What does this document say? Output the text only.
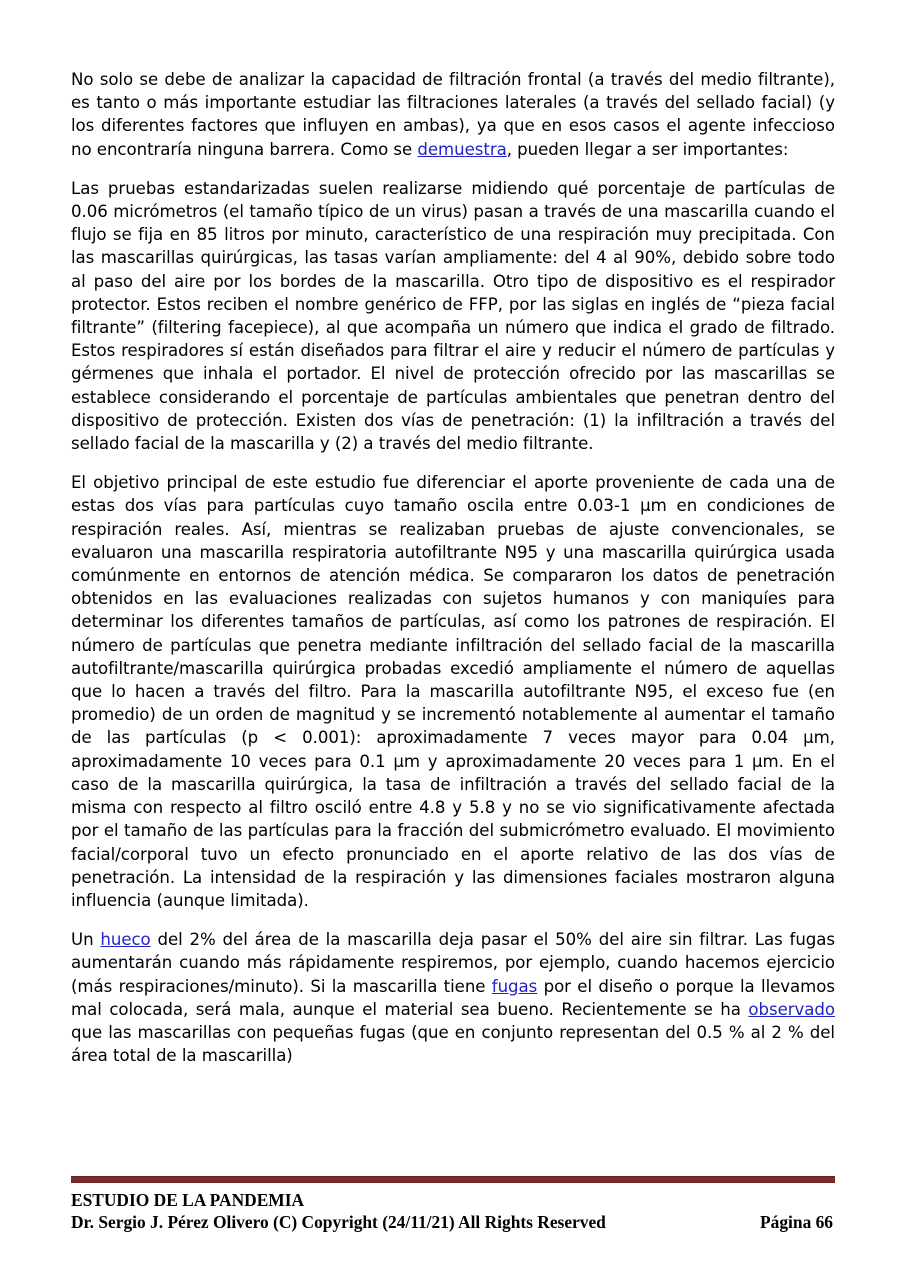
No solo se debe de analizar la capacidad de filtración frontal (a través del medio filtrante), es tanto o más importante estudiar las filtraciones laterales (a través del sellado facial) (y los diferentes factores que influyen en ambas), ya que en esos casos el agente infeccioso no encontraría ninguna barrera. Como se demuestra, pueden llegar a ser importantes:

Las pruebas estandarizadas suelen realizarse midiendo qué porcentaje de partículas de 0.06 micrómetros (el tamaño típico de un virus) pasan a través de una mascarilla cuando el flujo se fija en 85 litros por minuto, característico de una respiración muy precipitada. Con las mascarillas quirúrgicas, las tasas varían ampliamente: del 4 al 90%, debido sobre todo al paso del aire por los bordes de la mascarilla. Otro tipo de dispositivo es el respirador protector. Estos reciben el nombre genérico de FFP, por las siglas en inglés de “pieza facial filtrante” (filtering facepiece), al que acompaña un número que indica el grado de filtrado. Estos respiradores sí están diseñados para filtrar el aire y reducir el número de partículas y gérmenes que inhala el portador. El nivel de protección ofrecido por las mascarillas se establece considerando el porcentaje de partículas ambientales que penetran dentro del dispositivo de protección. Existen dos vías de penetración: (1) la infiltración a través del sellado facial de la mascarilla y (2) a través del medio filtrante.

El objetivo principal de este estudio fue diferenciar el aporte proveniente de cada una de estas dos vías para partículas cuyo tamaño oscila entre 0.03-1 µm en condiciones de respiración reales. Así, mientras se realizaban pruebas de ajuste convencionales, se evaluaron una mascarilla respiratoria autofiltrante N95 y una mascarilla quirúrgica usada comúnmente en entornos de atención médica. Se compararon los datos de penetración obtenidos en las evaluaciones realizadas con sujetos humanos y con maniquíes para determinar los diferentes tamaños de partículas, así como los patrones de respiración. El número de partículas que penetra mediante infiltración del sellado facial de la mascarilla autofiltrante/mascarilla quirúrgica probadas excedió ampliamente el número de aquellas que lo hacen a través del filtro. Para la mascarilla autofiltrante N95, el exceso fue (en promedio) de un orden de magnitud y se incrementó notablemente al aumentar el tamaño de las partículas (p < 0.001): aproximadamente 7 veces mayor para 0.04 µm, aproximadamente 10 veces para 0.1 µm y aproximadamente 20 veces para 1 µm. En el caso de la mascarilla quirúrgica, la tasa de infiltración a través del sellado facial de la misma con respecto al filtro osciló entre 4.8 y 5.8 y no se vio significativamente afectada por el tamaño de las partículas para la fracción del submicrómetro evaluado. El movimiento facial/corporal tuvo un efecto pronunciado en el aporte relativo de las dos vías de penetración. La intensidad de la respiración y las dimensiones faciales mostraron alguna influencia (aunque limitada).

Un hueco del 2% del área de la mascarilla deja pasar el 50% del aire sin filtrar. Las fugas aumentarán cuando más rápidamente respiremos, por ejemplo, cuando hacemos ejercicio (más respiraciones/minuto). Si la mascarilla tiene fugas por el diseño o porque la llevamos mal colocada, será mala, aunque el material sea bueno. Recientemente se ha observado que las mascarillas con pequeñas fugas (que en conjunto representan del 0.5 % al 2 % del área total de la mascarilla)

ESTUDIO DE LA PANDEMIA
Dr. Sergio J. Pérez Olivero (C) Copyright (24/11/21) All Rights Reserved	Página 66
